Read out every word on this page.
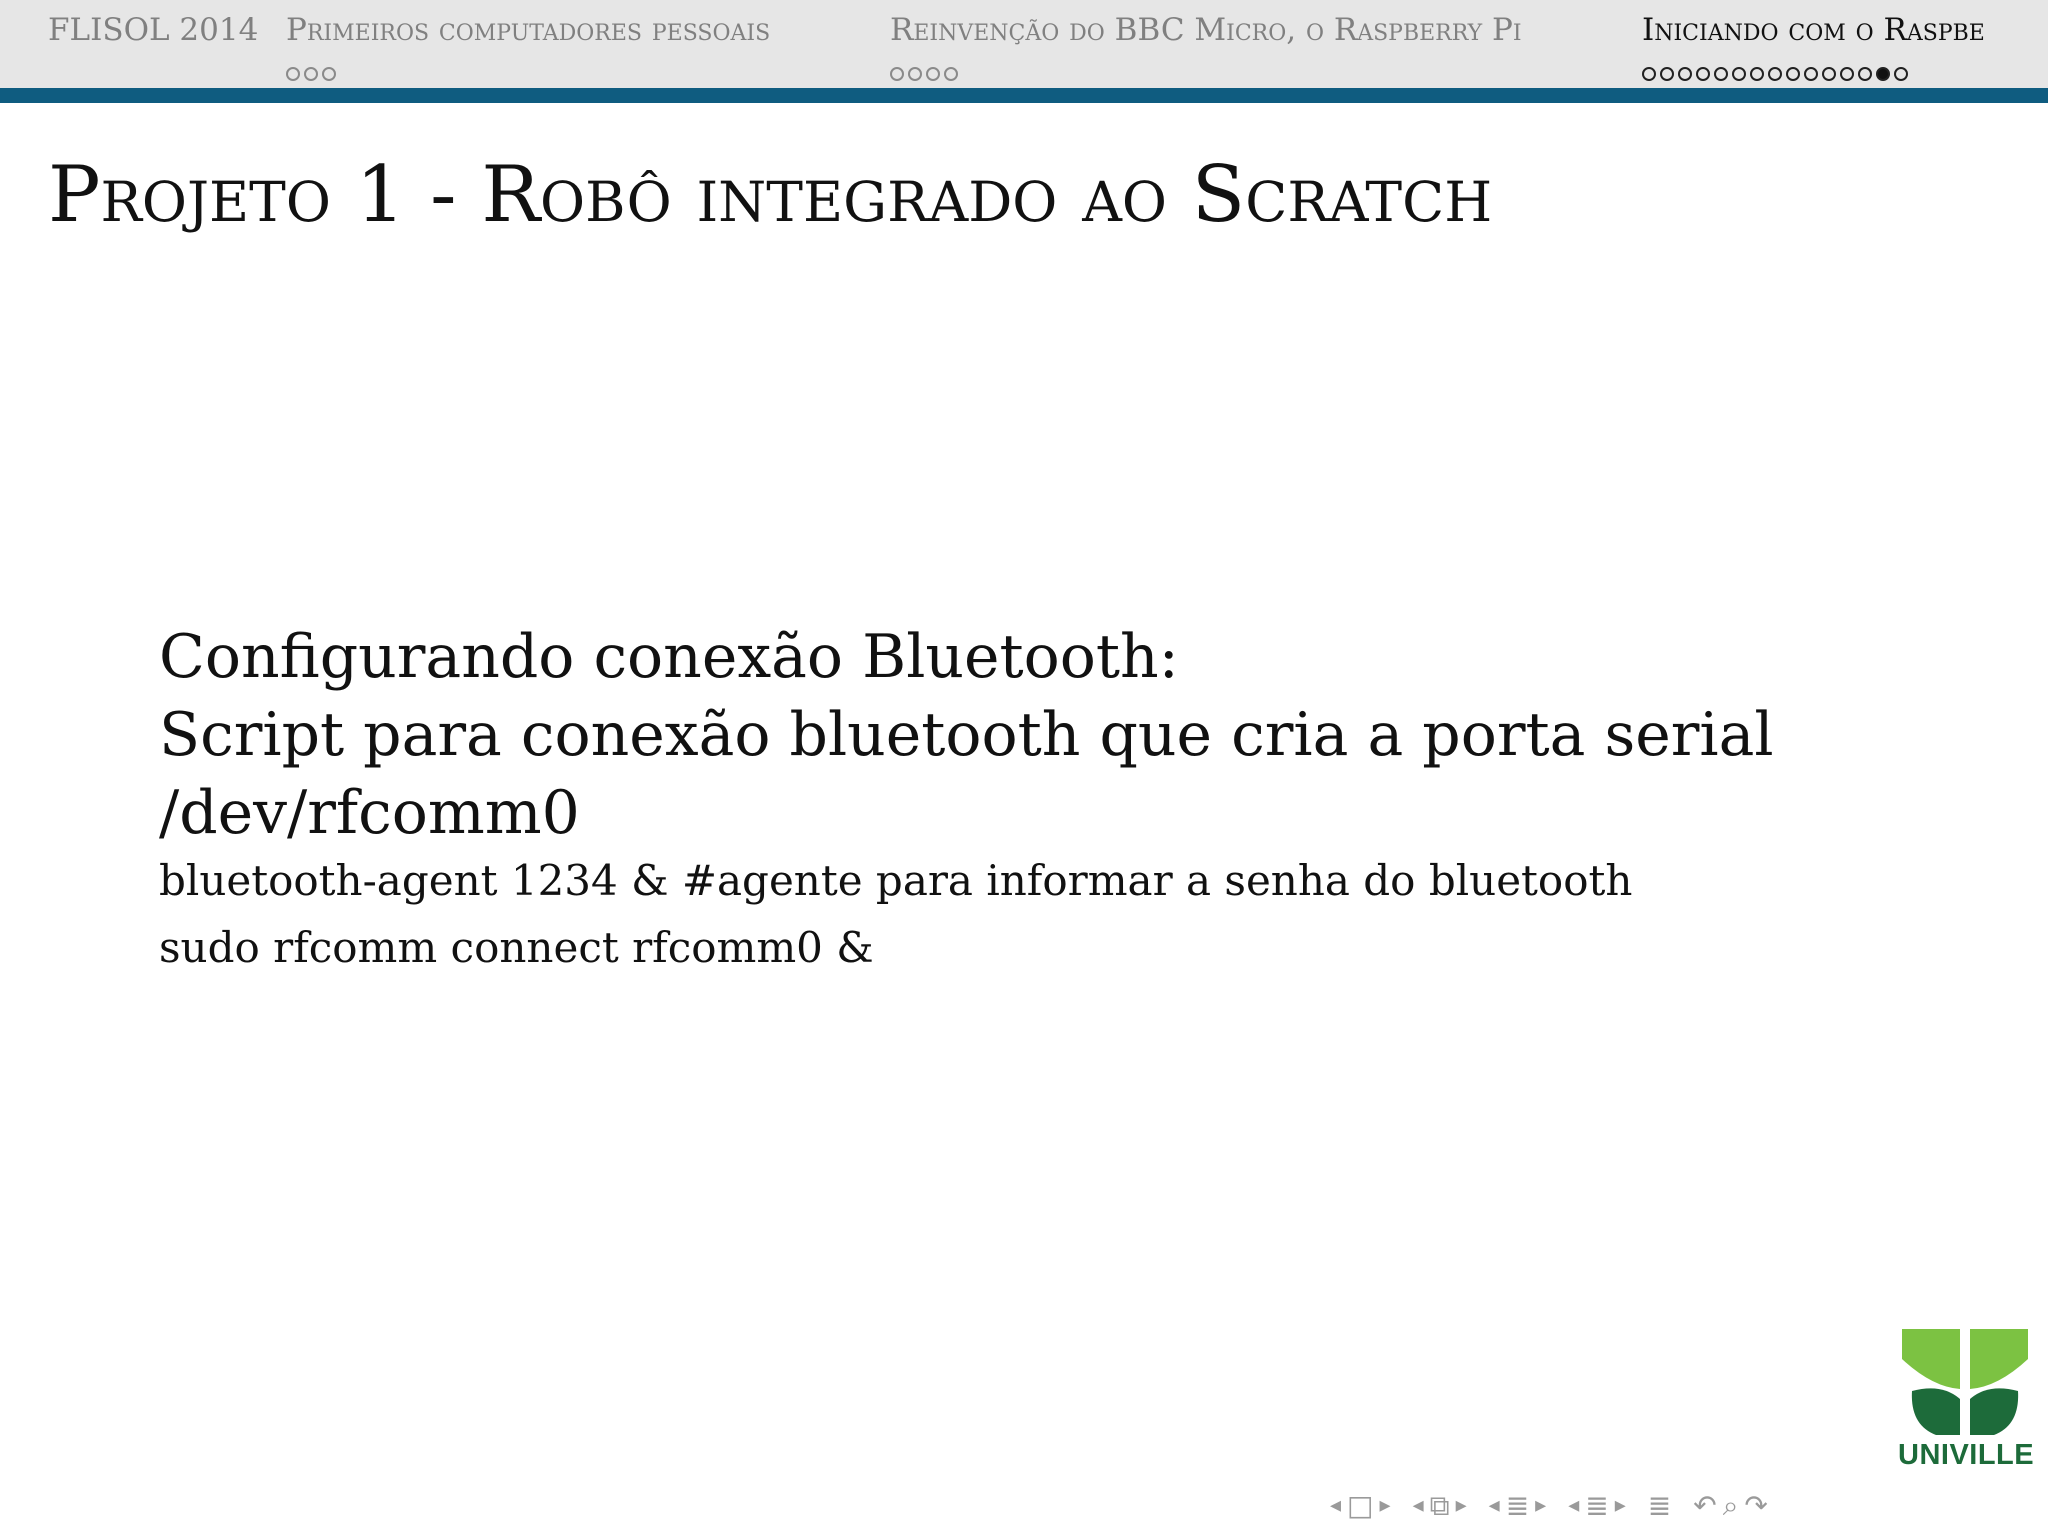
FLISOL 2014 Primeiros computadores pessoais	Reinvenção do BBC Micro, o Raspberry Pi	Iniciando com o Raspbe
Projeto 1 - Robô integrado ao Scratch
Configurando conexão Bluetooth:
Script para conexão bluetooth que cria a porta serial
/dev/rfcomm0
bluetooth-agent 1234 & #agente para informar a senha do bluetooth
sudo rfcomm connect rfcomm0 &
UNIVILLE
◂ □ ▸ ◂ ⧉ ▸ ◂ ≣ ▸ ◂ ≣ ▸ ≣ ↶ ⌕ ↷
